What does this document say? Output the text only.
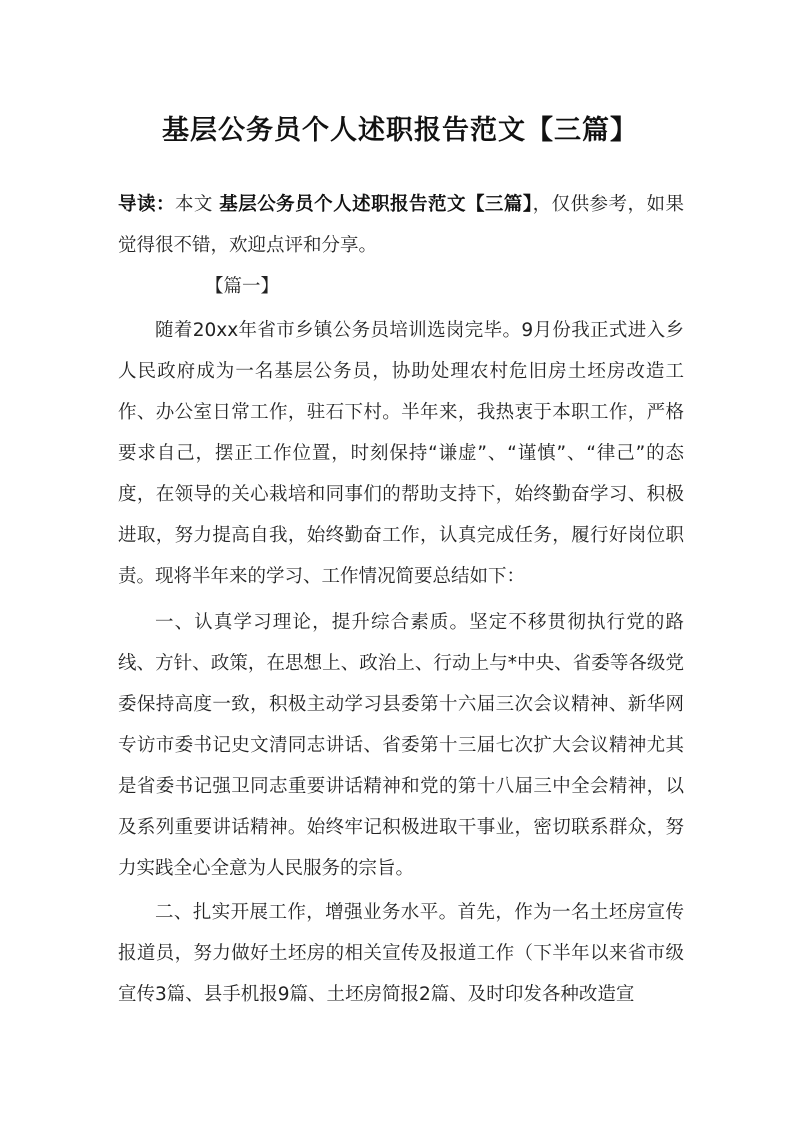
基层公务员个人述职报告范文【三篇】
导读：本文 基层公务员个人述职报告范文【三篇】，仅供参考，如果觉得很不错，欢迎点评和分享。
【篇一】
随着20xx年省市乡镇公务员培训选岗完毕。9月份我正式进入乡人民政府成为一名基层公务员，协助处理农村危旧房土坯房改造工作、办公室日常工作，驻石下村。半年来，我热衷于本职工作，严格要求自己，摆正工作位置，时刻保持“谦虚”、“谨慎”、“律己”的态度，在领导的关心栽培和同事们的帮助支持下，始终勤奋学习、积极进取，努力提高自我，始终勤奋工作，认真完成任务，履行好岗位职责。现将半年来的学习、工作情况简要总结如下：
一、认真学习理论，提升综合素质。坚定不移贯彻执行党的路线、方针、政策，在思想上、政治上、行动上与*中央、省委等各级党委保持高度一致，积极主动学习县委第十六届三次会议精神、新华网专访市委书记史文清同志讲话、省委第十三届七次扩大会议精神尤其是省委书记强卫同志重要讲话精神和党的第十八届三中全会精神，以及系列重要讲话精神。始终牢记积极进取干事业，密切联系群众，努力实践全心全意为人民服务的宗旨。
二、扎实开展工作，增强业务水平。首先，作为一名土坯房宣传报道员，努力做好土坯房的相关宣传及报道工作（下半年以来省市级宣传3篇、县手机报9篇、土坯房简报2篇、及时印发各种改造宣
